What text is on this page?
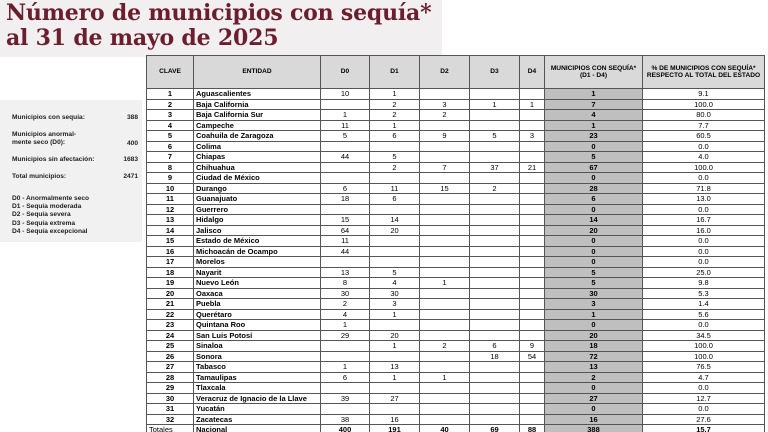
Número de municipios con sequía*
al 31 de mayo de 2025
Municipios con sequía:	388
Municipios anormal-
mente seco (D0):	400
Municipios sin afectación:	1683
Total municipios:	2471
D0 - Anormalmente seco
D1 - Sequía moderada
D2 - Sequía severa
D3 - Sequía extrema
D4 - Sequía excepcional
CLAVE	ENTIDAD	D0	D1	D2	D3	D4	MUNICIPIOS CON SEQUÍA* (D1 - D4)	% DE MUNICIPIOS CON SEQUÍA* RESPECTO AL TOTAL DEL ESTADO
1	Aguascalientes	10	1				1	9.1
2	Baja California		2	3	1	1	7	100.0
3	Baja California Sur	1	2	2			4	80.0
4	Campeche	11	1				1	7.7
5	Coahuila de Zaragoza	5	6	9	5	3	23	60.5
6	Colima						0	0.0
7	Chiapas	44	5				5	4.0
8	Chihuahua		2	7	37	21	67	100.0
9	Ciudad de México						0	0.0
10	Durango	6	11	15	2		28	71.8
11	Guanajuato	18	6				6	13.0
12	Guerrero						0	0.0
13	Hidalgo	15	14				14	16.7
14	Jalisco	64	20				20	16.0
15	Estado de México	11					0	0.0
16	Michoacán de Ocampo	44					0	0.0
17	Morelos						0	0.0
18	Nayarit	13	5				5	25.0
19	Nuevo León	8	4	1			5	9.8
20	Oaxaca	30	30				30	5.3
21	Puebla	2	3				3	1.4
22	Querétaro	4	1				1	5.6
23	Quintana Roo	1					0	0.0
24	San Luis Potosí	29	20				20	34.5
25	Sinaloa		1	2	6	9	18	100.0
26	Sonora				18	54	72	100.0
27	Tabasco	1	13				13	76.5
28	Tamaulipas	6	1	1			2	4.7
29	Tlaxcala						0	0.0
30	Veracruz de Ignacio de la Llave	39	27				27	12.7
31	Yucatán						0	0.0
32	Zacatecas	38	16				16	27.6
Totales	Nacional	400	191	40	69	88	388	15.7
